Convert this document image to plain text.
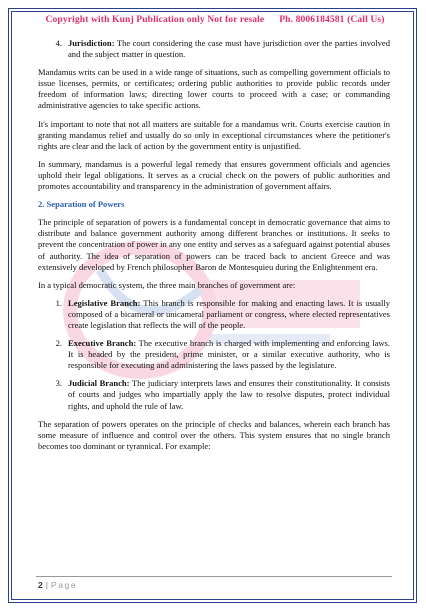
Copyright with Kunj Publication only Not for resale      Ph. 8006184581 (Call Us)
4. Jurisdiction: The court considering the case must have jurisdiction over the parties involved and the subject matter in question.

Mandamus writs can be used in a wide range of situations, such as compelling government officials to issue licenses, permits, or certificates; ordering public authorities to provide public records under freedom of information laws; directing lower courts to proceed with a case; or commanding administrative agencies to take specific actions.

It's important to note that not all matters are suitable for a mandamus writ. Courts exercise caution in granting mandamus relief and usually do so only in exceptional circumstances where the petitioner's rights are clear and the lack of action by the government entity is unjustified.

In summary, mandamus is a powerful legal remedy that ensures government officials and agencies uphold their legal obligations. It serves as a crucial check on the powers of public authorities and promotes accountability and transparency in the administration of government affairs.

2. Separation of Powers

The principle of separation of powers is a fundamental concept in democratic governance that aims to distribute and balance government authority among different branches or institutions. It seeks to prevent the concentration of power in any one entity and serves as a safeguard against potential abuses of authority. The idea of separation of powers can be traced back to ancient Greece and was extensively developed by French philosopher Baron de Montesquieu during the Enlightenment era.

In a typical democratic system, the three main branches of government are:

1. Legislative Branch: This branch is responsible for making and enacting laws. It is usually composed of a bicameral or unicameral parliament or congress, where elected representatives create legislation that reflects the will of the people.
2. Executive Branch: The executive branch is charged with implementing and enforcing laws. It is headed by the president, prime minister, or a similar executive authority, who is responsible for executing and administering the laws passed by the legislature.
3. Judicial Branch: The judiciary interprets laws and ensures their constitutionality. It consists of courts and judges who impartially apply the law to resolve disputes, protect individual rights, and uphold the rule of law.

The separation of powers operates on the principle of checks and balances, wherein each branch has some measure of influence and control over the others. This system ensures that no single branch becomes too dominant or tyrannical. For example:

2 | Page
